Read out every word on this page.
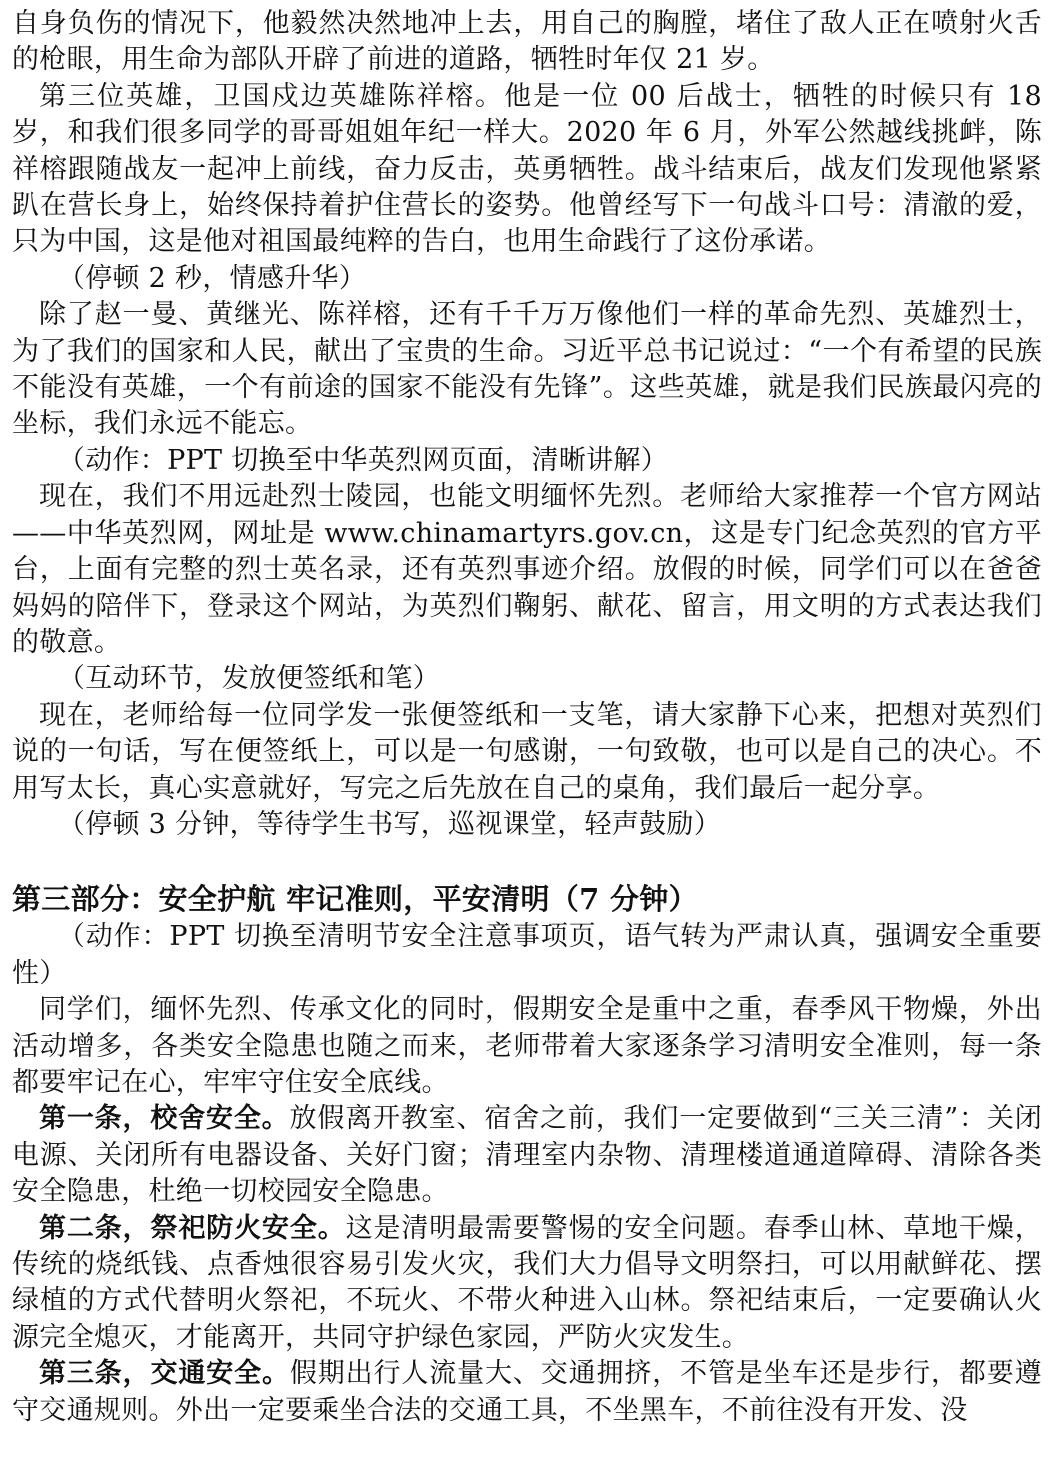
自身负伤的情况下，他毅然决然地冲上去，用自己的胸膛，堵住了敌人正在喷射火舌的枪眼，用生命为部队开辟了前进的道路，牺牲时年仅 21 岁。

第三位英雄，卫国戍边英雄陈祥榕。他是一位 00 后战士，牺牲的时候只有 18 岁，和我们很多同学的哥哥姐姐年纪一样大。2020 年 6 月，外军公然越线挑衅，陈祥榕跟随战友一起冲上前线，奋力反击，英勇牺牲。战斗结束后，战友们发现他紧紧趴在营长身上，始终保持着护住营长的姿势。他曾经写下一句战斗口号：清澈的爱，只为中国，这是他对祖国最纯粹的告白，也用生命践行了这份承诺。

（停顿 2 秒，情感升华）

除了赵一曼、黄继光、陈祥榕，还有千千万万像他们一样的革命先烈、英雄烈士，为了我们的国家和人民，献出了宝贵的生命。习近平总书记说过：“一个有希望的民族不能没有英雄，一个有前途的国家不能没有先锋”。这些英雄，就是我们民族最闪亮的坐标，我们永远不能忘。

（动作：PPT 切换至中华英烈网页面，清晰讲解）

现在，我们不用远赴烈士陵园，也能文明缅怀先烈。老师给大家推荐一个官方网站——中华英烈网，网址是 www.chinamartyrs.gov.cn，这是专门纪念英烈的官方平台，上面有完整的烈士英名录，还有英烈事迹介绍。放假的时候，同学们可以在爸爸妈妈的陪伴下，登录这个网站，为英烈们鞠躬、献花、留言，用文明的方式表达我们的敬意。

（互动环节，发放便签纸和笔）

现在，老师给每一位同学发一张便签纸和一支笔，请大家静下心来，把想对英烈们说的一句话，写在便签纸上，可以是一句感谢，一句致敬，也可以是自己的决心。不用写太长，真心实意就好，写完之后先放在自己的桌角，我们最后一起分享。

（停顿 3 分钟，等待学生书写，巡视课堂，轻声鼓励）

第三部分：安全护航 牢记准则，平安清明（7 分钟）

（动作：PPT 切换至清明节安全注意事项页，语气转为严肃认真，强调安全重要性）

同学们，缅怀先烈、传承文化的同时，假期安全是重中之重，春季风干物燥，外出活动增多，各类安全隐患也随之而来，老师带着大家逐条学习清明安全准则，每一条都要牢记在心，牢牢守住安全底线。

第一条，校舍安全。放假离开教室、宿舍之前，我们一定要做到“三关三清”：关闭电源、关闭所有电器设备、关好门窗；清理室内杂物、清理楼道通道障碍、清除各类安全隐患，杜绝一切校园安全隐患。

第二条，祭祀防火安全。这是清明最需要警惕的安全问题。春季山林、草地干燥，传统的烧纸钱、点香烛很容易引发火灾，我们大力倡导文明祭扫，可以用献鲜花、摆绿植的方式代替明火祭祀，不玩火、不带火种进入山林。祭祀结束后，一定要确认火源完全熄灭，才能离开，共同守护绿色家园，严防火灾发生。

第三条，交通安全。假期出行人流量大、交通拥挤，不管是坐车还是步行，都要遵守交通规则。外出一定要乘坐合法的交通工具，不坐黑车，不前往没有开发、没
